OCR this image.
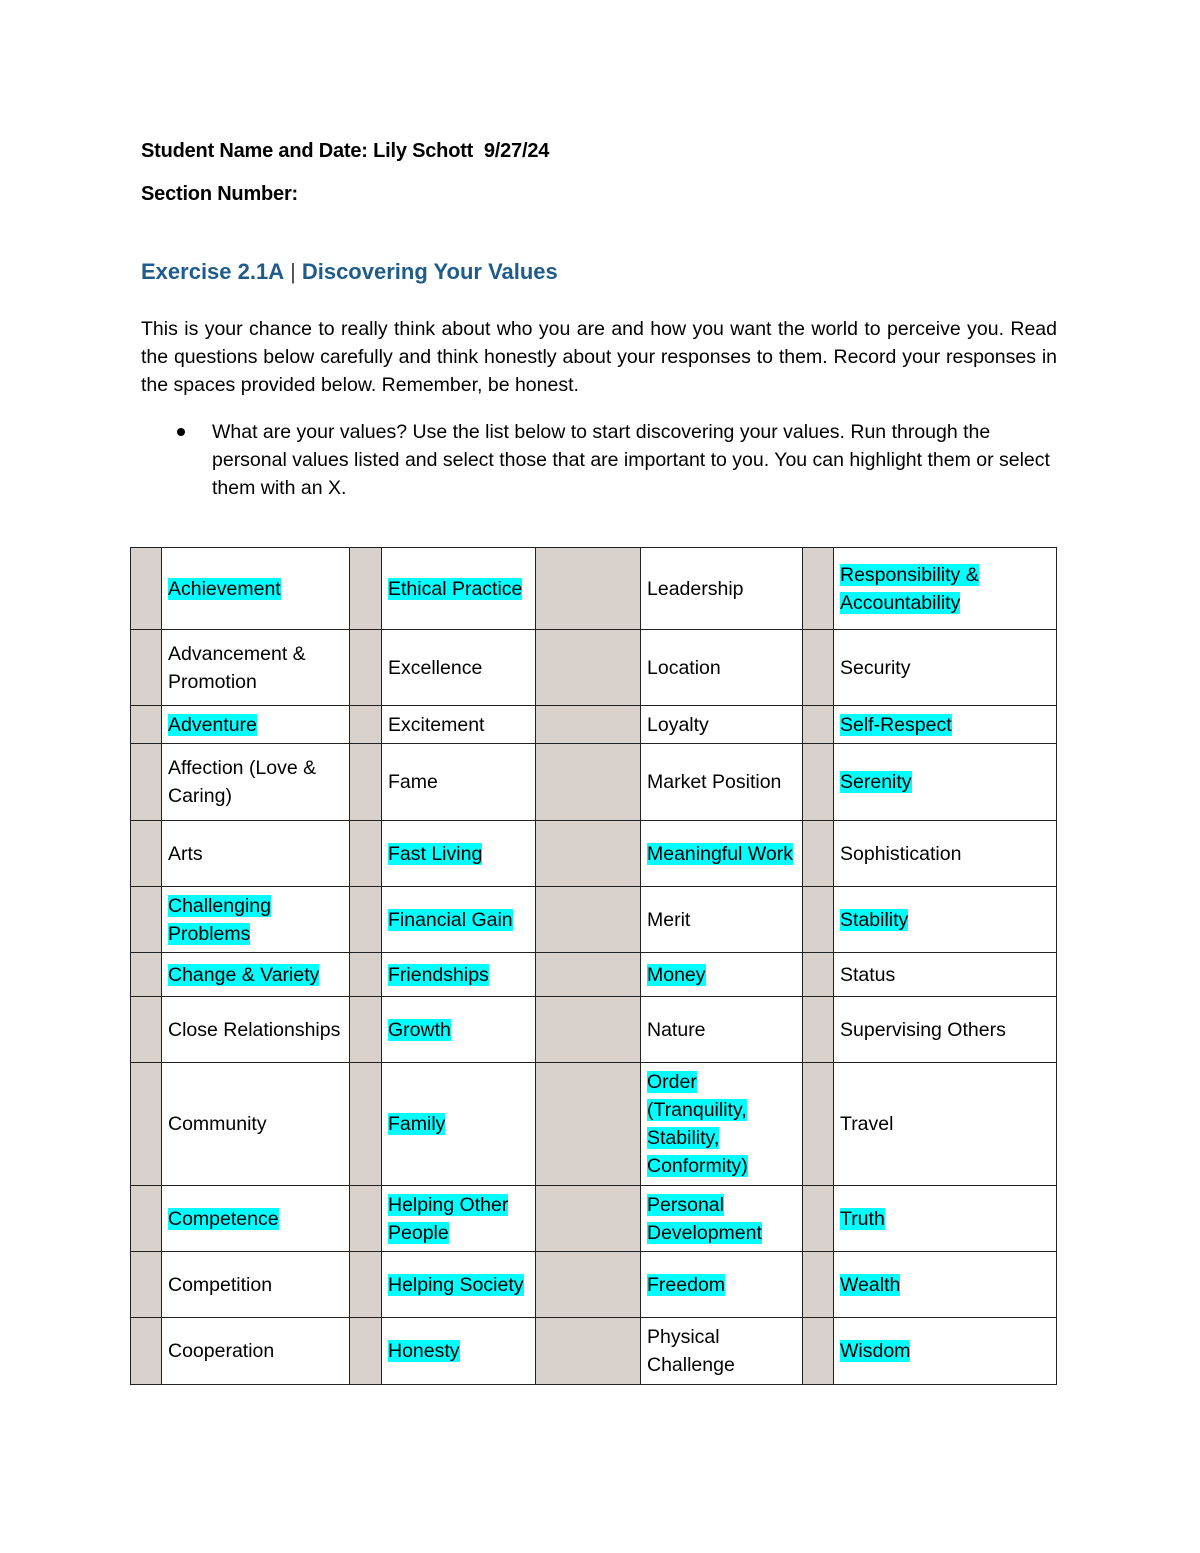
Student Name and Date: Lily Schott  9/27/24
Section Number:
Exercise 2.1A | Discovering Your Values
This is your chance to really think about who you are and how you want the world to perceive you. Read the questions below carefully and think honestly about your responses to them. Record your responses in the spaces provided below. Remember, be honest.
What are your values? Use the list below to start discovering your values. Run through the personal values listed and select those that are important to you. You can highlight them or select them with an X.
	Achievement		Ethical Practice		Leadership		Responsibility & Accountability
	Advancement & Promotion		Excellence		Location		Security
	Adventure		Excitement		Loyalty		Self-Respect
	Affection (Love & Caring)		Fame		Market Position		Serenity
	Arts		Fast Living		Meaningful Work		Sophistication
	Challenging Problems		Financial Gain		Merit		Stability
	Change & Variety		Friendships		Money		Status
	Close Relationships		Growth		Nature		Supervising Others
	Community		Family		Order (Tranquility, Stability, Conformity)		Travel
	Competence		Helping Other People		Personal Development		Truth
	Competition		Helping Society		Freedom		Wealth
	Cooperation		Honesty		Physical Challenge		Wisdom
